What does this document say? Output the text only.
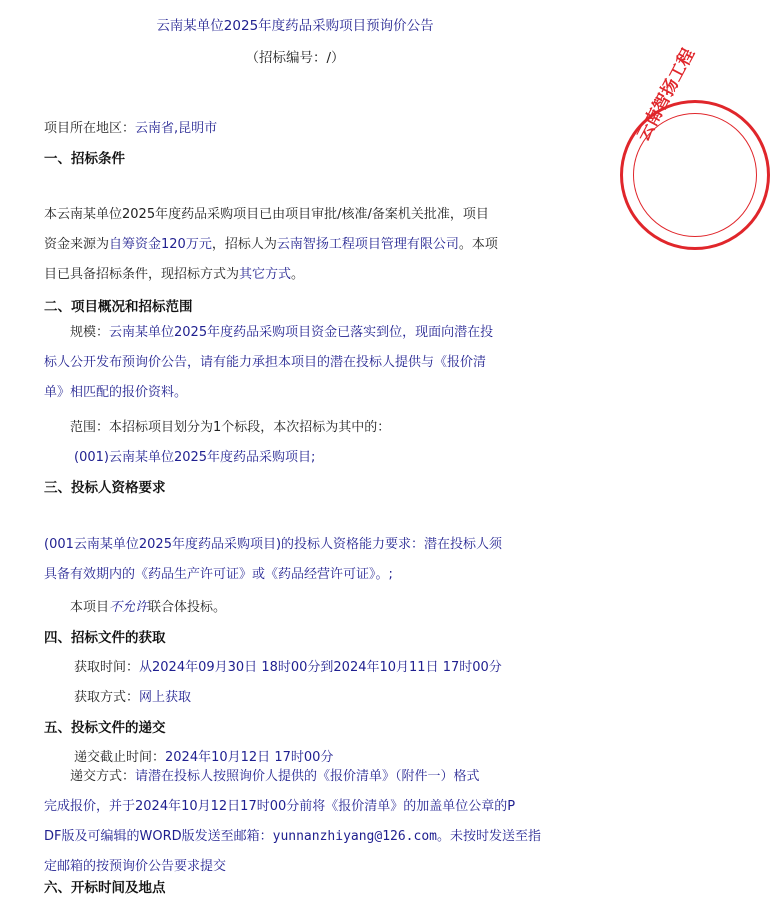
云南某单位2025年度药品采购项目预询价公告
（招标编号：/）
项目所在地区：云南省,昆明市
一、招标条件
本云南某单位2025年度药品采购项目已由项目审批/核准/备案机关批准，项目
资金来源为自筹资金120万元，招标人为云南智扬工程项目管理有限公司。本项
目已具备招标条件，现招标方式为其它方式。
二、项目概况和招标范围
规模：云南某单位2025年度药品采购项目资金已落实到位，现面向潜在投
标人公开发布预询价公告，请有能力承担本项目的潜在投标人提供与《报价清
单》相匹配的报价资料。
范围：本招标项目划分为1个标段，本次招标为其中的：
(001)云南某单位2025年度药品采购项目;
三、投标人资格要求
(001云南某单位2025年度药品采购项目)的投标人资格能力要求：潜在投标人须
具备有效期内的《药品生产许可证》或《药品经营许可证》。;
本项目不允许联合体投标。
四、招标文件的获取
获取时间：从2024年09月30日 18时00分到2024年10月11日 17时00分
获取方式：网上获取
五、投标文件的递交
递交截止时间：2024年10月12日 17时00分
递交方式：请潜在投标人按照询价人提供的《报价清单》（附件一）格式
完成报价，并于2024年10月12日17时00分前将《报价清单》的加盖单位公章的P
DF版及可编辑的WORD版发送至邮箱：yunnanzhiyang@126.com。未按时发送至指
定邮箱的按预询价公告要求提交
六、开标时间及地点
云南智扬工程
